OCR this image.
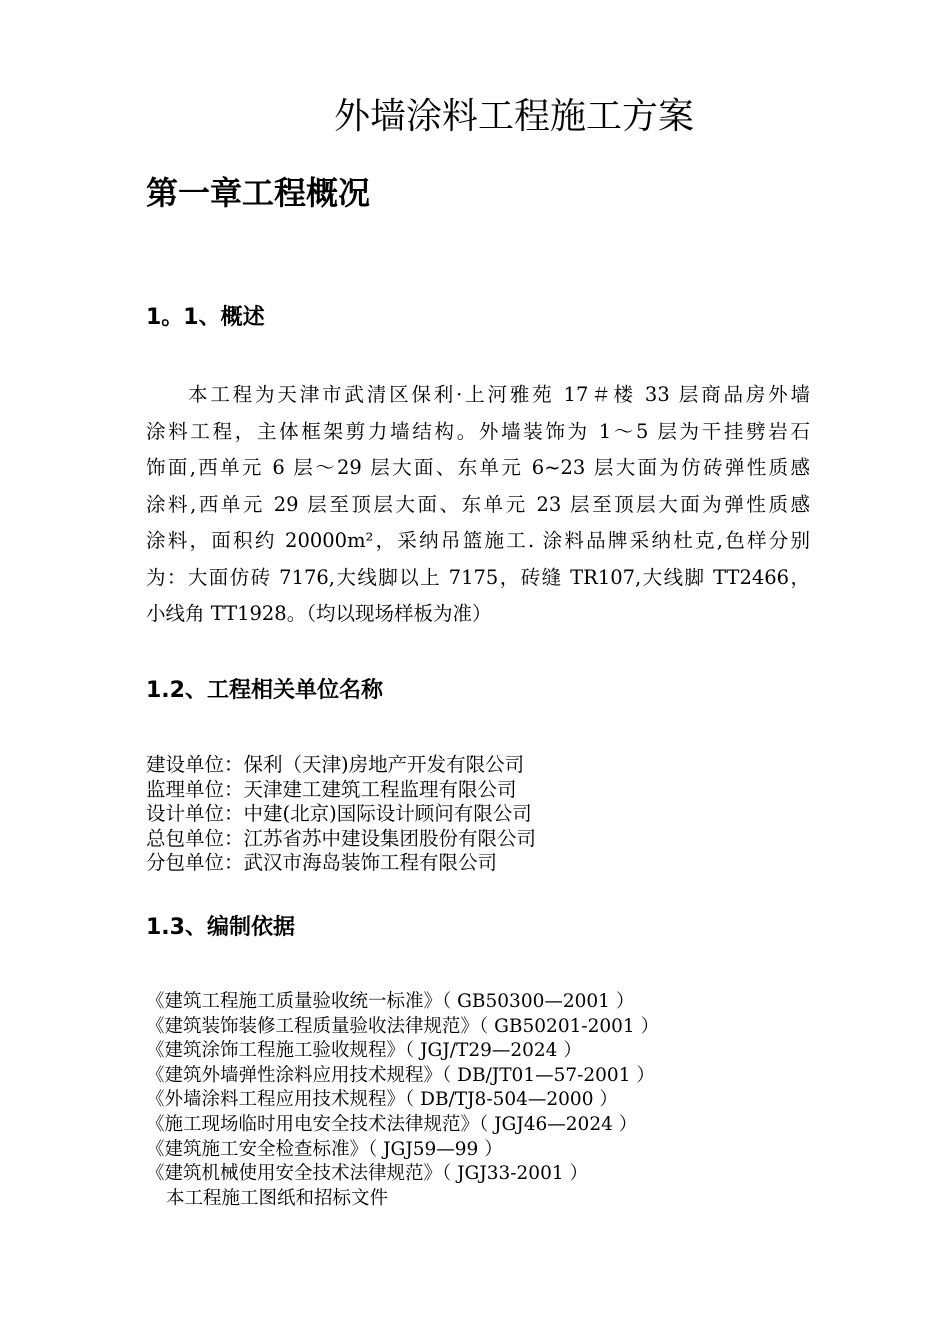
外墙涂料工程施工方案
第一章工程概况
1。1、概述

本工程为天津市武清区保利·上河雅苑 17＃楼 33 层商品房外墙
涂料工程，主体框架剪力墙结构。外墙装饰为 1～5 层为干挂劈岩石
饰面,西单元 6 层～29 层大面、东单元 6~23 层大面为仿砖弹性质感
涂料,西单元 29 层至顶层大面、东单元 23 层至顶层大面为弹性质感
涂料，面积约 20000m²，采纳吊篮施工. 涂料品牌采纳杜克,色样分别
为：大面仿砖 7176,大线脚以上 7175，砖缝 TR107,大线脚 TT2466，
小线角 TT1928。（均以现场样板为准）

1.2、工程相关单位名称
建设单位：保利（天津)房地产开发有限公司
监理单位：天津建工建筑工程监理有限公司
设计单位：中建(北京)国际设计顾问有限公司
总包单位：江苏省苏中建设集团股份有限公司
分包单位：武汉市海岛装饰工程有限公司
1.3、编制依据
《建筑工程施工质量验收统一标准》（ GB50300—2001 ）
《建筑装饰装修工程质量验收法律规范》（ GB50201-2001 ）
《建筑涂饰工程施工验收规程》（ JGJ/T29—2024 ）
《建筑外墙弹性涂料应用技术规程》（ DB/JT01—57-2001 ）
《外墙涂料工程应用技术规程》（ DB/TJ8-504—2000 ）
《施工现场临时用电安全技术法律规范》（ JGJ46—2024 ）
《建筑施工安全检查标准》（ JGJ59—99 ）
《建筑机械使用安全技术法律规范》（ JGJ33-2001 ）
本工程施工图纸和招标文件
